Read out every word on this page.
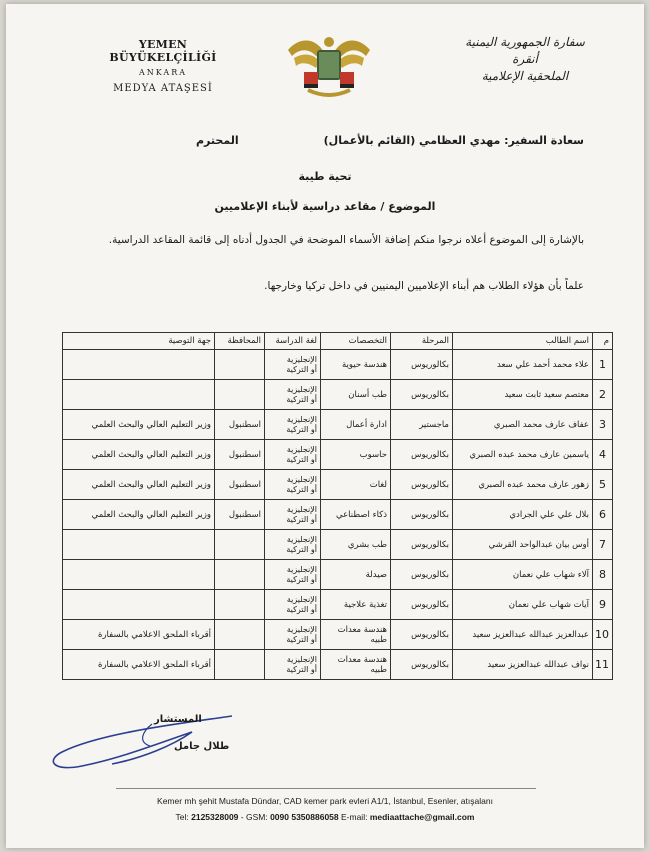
YEMEN BÜYÜKELÇİLİĞİ
ANKARA
MEDYA ATAŞESİ
سفارة الجمهورية اليمنية
أنقرة
الملحقية الإعلامية
سعادة السفير: مهدي العظامي (القائم بالأعمال)
المحترم
تحية طيبة
الموضوع / مقاعد دراسية لأبناء الإعلاميين
بالإشارة إلى الموضوع أعلاه نرجوا منكم إضافة الأسماء الموضحة في الجدول أدناه إلى قائمة المقاعد الدراسية.
علماً بأن هؤلاء الطلاب هم أبناء الإعلاميين اليمنيين في داخل تركيا وخارجها.
م	اسم الطالب	المرحلة	التخصصات	لغة الدراسة	المحافظة	جهة التوصية
1	علاء محمد أحمد علي سعد	بكالوريوس	هندسة حيوية	الإنجليزية
أو التركية		

2	معتصم سعيد ثابت سعيد	بكالوريوس	طب أسنان	الإنجليزية
أو التركية		

3	عفاف عارف محمد الصبري	ماجستير	ادارة أعمال	الإنجليزية
أو التركية	اسطنبول	وزير التعليم العالي والبحث العلمي
4	ياسمين عارف محمد عبده الصبري	بكالوريوس	حاسوب	الإنجليزية
أو التركية	اسطنبول	وزير التعليم العالي والبحث العلمي
5	زهور عارف محمد عبده الصبري	بكالوريوس	لغات	الإنجليزية
أو التركية	اسطنبول	وزير التعليم العالي والبحث العلمي
6	بلال علي علي الجرادي	بكالوريوس	ذكاء اصطناعي	الإنجليزية
أو التركية	اسطنبول	وزير التعليم العالي والبحث العلمي
7	أوس بيان عبدالواحد القرشي	بكالوريوس	طب بشري	الإنجليزية
أو التركية		

8	آلاء شهاب علي نعمان	بكالوريوس	صيدلة	الإنجليزية
أو التركية		

9	آيات شهاب علي نعمان	بكالوريوس	تغذية علاجية	الإنجليزية
أو التركية		

10	عبدالعزيز عبدالله عبدالعزيز سعيد	بكالوريوس	هندسة معدات طبيه	الإنجليزية
أو التركية		أقرباء الملحق الاعلامي بالسفارة
11	نواف عبدالله عبدالعزيز سعيد	بكالوريوس	هندسة معدات طبيه	الإنجليزية
أو التركية		أقرباء الملحق الاعلامي بالسفارة
المستشار
طلال جامل
Kemer mh şehit Mustafa Dündar, CAD kemer park evleri A1/1, İstanbul, Esenler, atışalanı
Tel: 2125328009 - GSM: 0090 5350886058 E-mail: mediaattache@gmail.com
